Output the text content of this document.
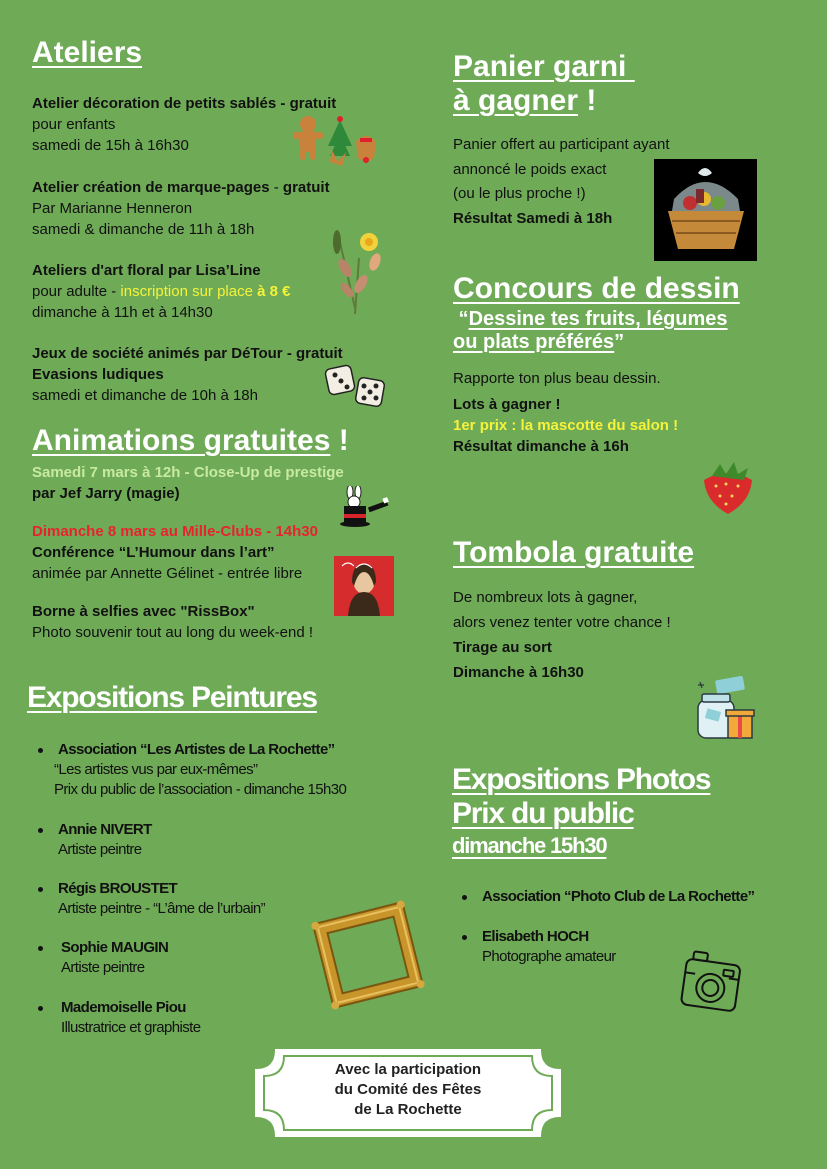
Ateliers

Atelier décoration de petits sablés - gratuit

pour enfants

samedi de 15h à 16h30

Atelier création de marque-pages - gratuit

Par Marianne Henneron

samedi & dimanche de 11h à 18h

Ateliers d'art floral par Lisa’Line

pour adulte - inscription sur place à 8 €

dimanche à 11h et à 14h30

Jeux de société animés par DéTour - gratuit

Evasions ludiques

samedi et dimanche de 10h à 18h

Animations gratuites !

Samedi 7 mars à 12h - Close-Up de prestige

par Jef Jarry (magie)

Dimanche 8 mars au Mille-Clubs - 14h30

Conférence “L’Humour dans l’art”

animée par Annette Gélinet - entrée libre

Borne à selfies avec "RissBox"

Photo souvenir tout au long du week-end !

Expositions Peintures
Association “Les Artistes de La Rochette”
“Les artistes vus par eux-mêmes”
Prix du public de l’association - dimanche 15h30
Annie NIVERT
Artiste peintre
Régis BROUSTET
Artiste peintre - “L’âme de l’urbain”
Sophie MAUGIN
Artiste peintre
Mademoiselle Piou
Illustratrice et graphiste
Panier garni
à gagner !

Panier offert au participant ayant

annoncé le poids exact

(ou le plus proche !)

Résultat Samedi à 18h

Concours de dessin
“Dessine tes fruits, légumes
ou plats préférés”

Rapporte ton plus beau dessin.

Lots à gagner !

1er prix : la mascotte du salon !

Résultat dimanche à 16h

Tombola gratuite

De nombreux lots à gagner,

alors venez tenter votre chance !

Tirage au sort

Dimanche à 16h30

Expositions Photos
Prix du public
dimanche 15h30
Association “Photo Club de La Rochette”
Elisabeth HOCH
Photographe amateur
Avec la participation
du Comité des Fêtes
de La Rochette
